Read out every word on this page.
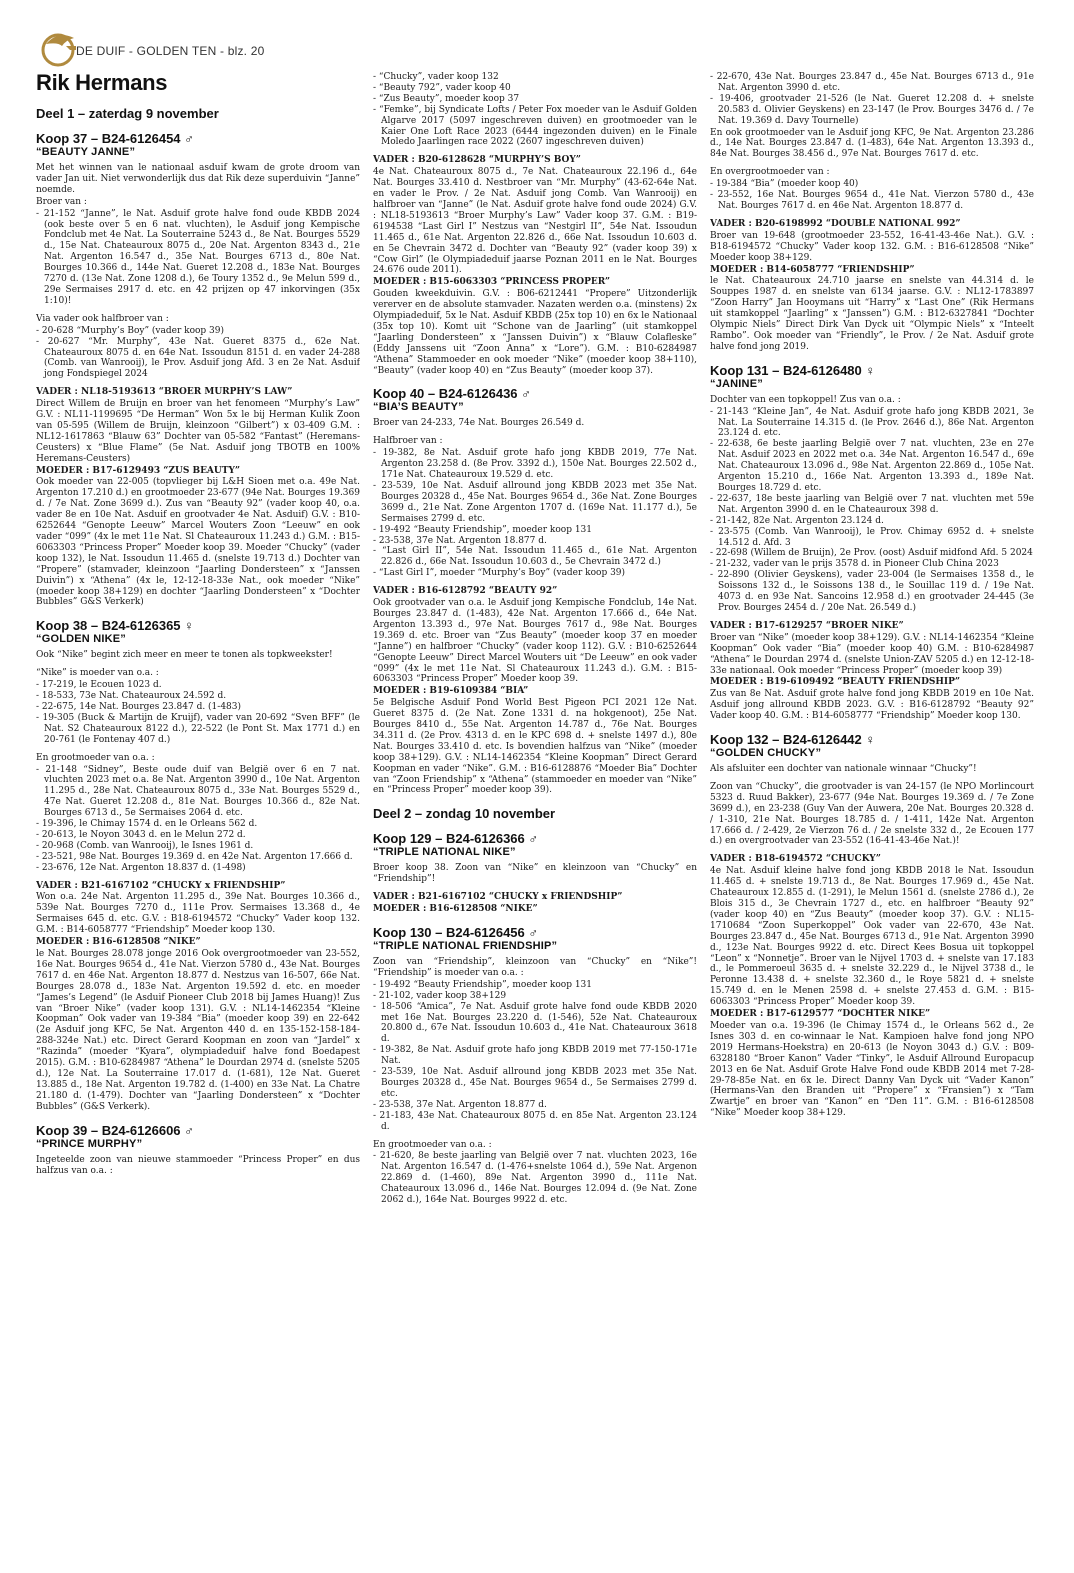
DE DUIF - GOLDEN TEN - blz. 20
Rik Hermans
Deel 1 – zaterdag 9 november
Koop 37 – B24-6126454 ♂
“BEAUTY JANNE”

Met het winnen van le nationaal asduif kwam de grote droom van vader Jan uit. Niet verwonderlijk dus dat Rik deze superduivin “Janne” noemde.

Broer van :

- 21-152 “Janne”, le Nat. Asduif grote halve fond oude KBDB 2024 (ook beste over 5 en 6 nat. vluchten), le Asduif jong Kempische Fondclub met 4e Nat. La Souterraine 5243 d., 8e Nat. Bourges 5529 d., 15e Nat. Chateauroux 8075 d., 20e Nat. Argenton 8343 d., 21e Nat. Argenton 16.547 d., 35e Nat. Bourges 6713 d., 80e Nat. Bourges 10.366 d., 144e Nat. Gueret 12.208 d., 183e Nat. Bourges 7270 d. (13e Nat. Zone 1208 d.), 6e Toury 1352 d., 9e Melun 599 d., 29e Sermaises 2917 d. etc. en 42 prijzen op 47 inkorvingen (35x 1:10)!

Via vader ook halfbroer van :

- 20-628 “Murphy’s Boy” (vader koop 39)
- 20-627 “Mr. Murphy”, 43e Nat. Gueret 8375 d., 62e Nat. Chateauroux 8075 d. en 64e Nat. Issoudun 8151 d. en vader 24-288 (Comb. van Wanrooij), le Prov. Asduif jong Afd. 3 en 2e Nat. Asduif jong Fondspiegel 2024

VADER : NL18-5193613 “BROER MURPHY’S LAW”

Direct Willem de Bruijn en broer van het fenomeen “Murphy’s Law” G.V. : NL11-1199695 “De Herman” Won 5x le bij Herman Kulik Zoon van 05-595 (Willem de Bruijn, kleinzoon “Gilbert”) x 03-409 G.M. : NL12-1617863 “Blauw 63” Dochter van 05-582 “Fantast” (Heremans-Ceusters) x “Blue Flame” (5e Nat. Asduif jong TBOTB en 100% Heremans-Ceusters)

MOEDER : B17-6129493 “ZUS BEAUTY”

Ook moeder van 22-005 (topvlieger bij L&H Sioen met o.a. 49e Nat. Argenton 17.210 d.) en grootmoeder 23-677 (94e Nat. Bourges 19.369 d. / 7e Nat. Zone 3699 d.). Zus van “Beauty 92” (vader koop 40, o.a. vader 8e en 10e Nat. Asduif en grootvader 4e Nat. Asduif) G.V. : B10-6252644 “Genopte Leeuw” Marcel Wouters Zoon “Leeuw” en ook vader “099” (4x le met 11e Nat. Sl Chateauroux 11.243 d.) G.M. : B15-6063303 “Princess Proper” Moeder koop 39. Moeder “Chucky” (vader koop 132), le Nat. Issoudun 11.465 d. (snelste 19.713 d.) Dochter van “Propere” (stamvader, kleinzoon “Jaarling Dondersteen” x “Janssen Duivin”) x “Athena” (4x le, 12-12-18-33e Nat., ook moeder “Nike” (moeder koop 38+129) en dochter “Jaarling Dondersteen” x “Dochter Bubbles” G&S Verkerk)

Koop 38 – B24-6126365 ♀
“GOLDEN NIKE”

Ook “Nike” begint zich meer en meer te tonen als topkweekster!

“Nike” is moeder van o.a. :

- 17-219, le Ecouen 1023 d.
- 18-533, 73e Nat. Chateauroux 24.592 d.
- 22-675, 14e Nat. Bourges 23.847 d. (1-483)
- 19-305 (Buck & Martijn de Kruijf), vader van 20-692 “Sven BFF” (le Nat. S2 Chateauroux 8122 d.), 22-522 (le Pont St. Max 1771 d.) en 20-761 (le Fontenay 407 d.)

En grootmoeder van o.a. :

- 21-148 “Sidney”, Beste oude duif van België over 6 en 7 nat. vluchten 2023 met o.a. 8e Nat. Argenton 3990 d., 10e Nat. Argenton 11.295 d., 28e Nat. Chateauroux 8075 d., 33e Nat. Bourges 5529 d., 47e Nat. Gueret 12.208 d., 81e Nat. Bourges 10.366 d., 82e Nat. Bourges 6713 d., 5e Sermaises 2064 d. etc.
- 19-396, le Chimay 1574 d. en le Orleans 562 d.
- 20-613, le Noyon 3043 d. en le Melun 272 d.
- 20-968 (Comb. van Wanrooij), le Isnes 1961 d.
- 23-521, 98e Nat. Bourges 19.369 d. en 42e Nat. Argenton 17.666 d.
- 23-676, 12e Nat. Argenton 18.837 d. (1-498)

VADER : B21-6167102 “CHUCKY x FRIENDSHIP”

Won o.a. 24e Nat. Argenton 11.295 d., 39e Nat. Bourges 10.366 d., 539e Nat. Bourges 7270 d., 111e Prov. Sermaises 13.368 d., 4e Sermaises 645 d. etc. G.V. : B18-6194572 “Chucky” Vader koop 132. G.M. : B14-6058777 “Friendship” Moeder koop 130.

MOEDER : B16-6128508 “NIKE”

le Nat. Bourges 28.078 jonge 2016 Ook overgrootmoeder van 23-552, 16e Nat. Bourges 9654 d., 41e Nat. Vierzon 5780 d., 43e Nat. Bourges 7617 d. en 46e Nat. Argenton 18.877 d. Nestzus van 16-507, 66e Nat. Bourges 28.078 d., 183e Nat. Argenton 19.592 d. etc. en moeder “James’s Legend” (le Asduif Pioneer Club 2018 bij James Huang)! Zus van “Broer Nike” (vader koop 131). G.V. : NL14-1462354 “Kleine Koopman” Ook vader van 19-384 “Bia” (moeder koop 39) en 22-642 (2e Asduif jong KFC, 5e Nat. Argenton 440 d. en 135-152-158-184-288-324e Nat.) etc. Direct Gerard Koopman en zoon van “Jardel” x “Razinda” (moeder “Kyara”, olympiadeduif halve fond Boedapest 2015). G.M. : B10-6284987 “Athena” le Dourdan 2974 d. (snelste 5205 d.), 12e Nat. La Souterraine 17.017 d. (1-681), 12e Nat. Gueret 13.885 d., 18e Nat. Argenton 19.782 d. (1-400) en 33e Nat. La Chatre 21.180 d. (1-479). Dochter van “Jaarling Dondersteen” x “Dochter Bubbles” (G&S Verkerk).

Koop 39 – B24-6126606 ♂
“PRINCE MURPHY”

Ingeteelde zoon van nieuwe stammoeder “Princess Proper” en dus halfzus van o.a. :

- “Chucky”, vader koop 132
- “Beauty 792”, vader koop 40
- “Zus Beauty”, moeder koop 37
- “Femke”, bij Syndicate Lofts / Peter Fox moeder van le Asduif Golden Algarve 2017 (5097 ingeschreven duiven) en grootmoeder van le Kaier One Loft Race 2023 (6444 ingezonden duiven) en le Finale Moledo Jaarlingen race 2022 (2607 ingeschreven duiven)

VADER : B20-6128628 “MURPHY’S BOY”

4e Nat. Chateauroux 8075 d., 7e Nat. Chateauroux 22.196 d., 64e Nat. Bourges 33.410 d. Nestbroer van “Mr. Murphy” (43-62-64e Nat. en vader le Prov. / 2e Nat. Asduif jong Comb. Van Wanrooij) en halfbroer van “Janne” (le Nat. Asduif grote halve fond oude 2024) G.V. : NL18-5193613 “Broer Murphy’s Law” Vader koop 37. G.M. : B19-6194538 “Last Girl I” Nestzus van “Nestgirl II”, 54e Nat. Issoudun 11.465 d., 61e Nat. Argenton 22.826 d., 66e Nat. Issoudun 10.603 d. en 5e Chevrain 3472 d. Dochter van “Beauty 92” (vader koop 39) x “Cow Girl” (le Olympiadeduif jaarse Poznan 2011 en le Nat. Bourges 24.676 oude 2011).

MOEDER : B15-6063303 “PRINCESS PROPER”

Gouden kweekduivin. G.V. : B06-6212441 “Propere” Uitzonderlijk vererver en de absolute stamvader. Nazaten werden o.a. (minstens) 2x Olympiadeduif, 5x le Nat. Asduif KBDB (25x top 10) en 6x le Nationaal (35x top 10). Komt uit “Schone van de Jaarling” (uit stamkoppel “Jaarling Dondersteen” x “Janssen Duivin”) x “Blauw Colafleske” (Eddy Janssens uit “Zoon Anna” x “Lore”). G.M. : B10-6284987 “Athena” Stammoeder en ook moeder “Nike” (moeder koop 38+110), “Beauty” (vader koop 40) en “Zus Beauty” (moeder koop 37).

Koop 40 – B24-6126436 ♂
“BIA’S BEAUTY”

Broer van 24-233, 74e Nat. Bourges 26.549 d.

Halfbroer van :

- 19-382, 8e Nat. Asduif grote hafo jong KBDB 2019, 77e Nat. Argenton 23.258 d. (8e Prov. 3392 d.), 150e Nat. Bourges 22.502 d., 171e Nat. Chateauroux 19.529 d. etc.
- 23-539, 10e Nat. Asduif allround jong KBDB 2023 met 35e Nat. Bourges 20328 d., 45e Nat. Bourges 9654 d., 36e Nat. Zone Bourges 3699 d., 21e Nat. Zone Argenton 1707 d. (169e Nat. 11.177 d.), 5e Sermaises 2799 d. etc.
- 19-492 “Beauty Friendship”, moeder koop 131
- 23-538, 37e Nat. Argenton 18.877 d.
- “Last Girl II”, 54e Nat. Issoudun 11.465 d., 61e Nat. Argenton 22.826 d., 66e Nat. Issoudun 10.603 d., 5e Chevrain 3472 d.)
- “Last Girl I”, moeder “Murphy’s Boy” (vader koop 39)

VADER : B16-6128792 “BEAUTY 92”

Ook grootvader van o.a. le Asduif jong Kempische Fondclub, 14e Nat. Bourges 23.847 d. (1-483), 42e Nat. Argenton 17.666 d., 64e Nat. Argenton 13.393 d., 97e Nat. Bourges 7617 d., 98e Nat. Bourges 19.369 d. etc. Broer van “Zus Beauty” (moeder koop 37 en moeder “Janne”) en halfbroer “Chucky” (vader koop 112). G.V. : B10-6252644 “Genopte Leeuw” Direct Marcel Wouters uit “De Leeuw” en ook vader “099” (4x le met 11e Nat. Sl Chateauroux 11.243 d.). G.M. : B15-6063303 “Princess Proper” Moeder koop 39.

MOEDER : B19-6109384 “BIA”

5e Belgische Asduif Pond World Best Pigeon PCI 2021 12e Nat. Gueret 8375 d. (2e Nat. Zone 1331 d. na hokgenoot), 25e Nat. Bourges 8410 d., 55e Nat. Argenton 14.787 d., 76e Nat. Bourges 34.311 d. (2e Prov. 4313 d. en le KPC 698 d. + snelste 1497 d.), 80e Nat. Bourges 33.410 d. etc. Is bovendien halfzus van “Nike” (moeder koop 38+129). G.V. : NL14-1462354 “Kleine Koopman” Direct Gerard Koopman en vader “Nike”. G.M. : B16-6128876 “Moeder Bia” Dochter van “Zoon Friendship” x “Athena” (stammoeder en moeder van “Nike” en “Princess Proper” moeder koop 39).

Deel 2 – zondag 10 november
Koop 129 – B24-6126366 ♂
“TRIPLE NATIONAL NIKE”

Broer koop 38. Zoon van “Nike” en kleinzoon van “Chucky” en “Friendship”!

VADER : B21-6167102 “CHUCKY x FRIENDSHIP”

MOEDER : B16-6128508 “NIKE”

Koop 130 – B24-6126456 ♂
“TRIPLE NATIONAL FRIENDSHIP”

Zoon van “Friendship”, kleinzoon van “Chucky” en “Nike”! “Friendship” is moeder van o.a. :

- 19-492 “Beauty Friendship”, moeder koop 131
- 21-102, vader koop 38+129
- 18-506 “Amica”, 7e Nat. Asduif grote halve fond oude KBDB 2020 met 16e Nat. Bourges 23.220 d. (1-546), 52e Nat. Chateauroux 20.800 d., 67e Nat. Issoudun 10.603 d., 41e Nat. Chateauroux 3618 d.
- 19-382, 8e Nat. Asduif grote hafo jong KBDB 2019 met 77-150-171e Nat.
- 23-539, 10e Nat. Asduif allround jong KBDB 2023 met 35e Nat. Bourges 20328 d., 45e Nat. Bourges 9654 d., 5e Sermaises 2799 d. etc.
- 23-538, 37e Nat. Argenton 18.877 d.
- 21-183, 43e Nat. Chateauroux 8075 d. en 85e Nat. Argenton 23.124 d.

En grootmoeder van o.a. :

- 21-620, 8e beste jaarling van België over 7 nat. vluchten 2023, 16e Nat. Argenton 16.547 d. (1-476+snelste 1064 d.), 59e Nat. Argenon 22.869 d. (1-460), 89e Nat. Argenton 3990 d., 111e Nat. Chateauroux 13.096 d., 146e Nat. Bourges 12.094 d. (9e Nat. Zone 2062 d.), 164e Nat. Bourges 9922 d. etc.
- 22-670, 43e Nat. Bourges 23.847 d., 45e Nat. Bourges 6713 d., 91e Nat. Argenton 3990 d. etc.
- 19-406, grootvader 21-526 (le Nat. Gueret 12.208 d. + snelste 20.583 d. Olivier Geyskens) en 23-147 (le Prov. Bourges 3476 d. / 7e Nat. 19.369 d. Davy Tournelle)

En ook grootmoeder van le Asduif jong KFC, 9e Nat. Argenton 23.286 d., 14e Nat. Bourges 23.847 d. (1-483), 64e Nat. Argenton 13.393 d., 84e Nat. Bourges 38.456 d., 97e Nat. Bourges 7617 d. etc.

En overgrootmoeder van :

- 19-384 “Bia” (moeder koop 40)
- 23-552, 16e Nat. Bourges 9654 d., 41e Nat. Vierzon 5780 d., 43e Nat. Bourges 7617 d. en 46e Nat. Argenton 18.877 d.

VADER : B20-6198992 “DOUBLE NATIONAL 992”

Broer van 19-648 (grootmoeder 23-552, 16-41-43-46e Nat.). G.V. : B18-6194572 “Chucky” Vader koop 132. G.M. : B16-6128508 “Nike” Moeder koop 38+129.

MOEDER : B14-6058777 “FRIENDSHIP”

le Nat. Chateauroux 24.710 jaarse en snelste van 44.314 d. le Souppes 1987 d. en snelste van 6134 jaarse. G.V. : NL12-1783897 “Zoon Harry” Jan Hooymans uit “Harry” x “Last One” (Rik Hermans uit stamkoppel “Jaarling” x “Janssen”) G.M. : B12-6327841 “Dochter Olympic Niels” Direct Dirk Van Dyck uit “Olympic Niels” x “Inteelt Rambo”. Ook moeder van “Friendly”, le Prov. / 2e Nat. Asduif grote halve fond jong 2019.

Koop 131 – B24-6126480 ♀
“JANINE”

Dochter van een topkoppel! Zus van o.a. :

- 21-143 “Kleine Jan”, 4e Nat. Asduif grote hafo jong KBDB 2021, 3e Nat. La Souterraine 14.315 d. (le Prov. 2646 d.), 86e Nat. Argenton 23.124 d. etc.
- 22-638, 6e beste jaarling België over 7 nat. vluchten, 23e en 27e Nat. Asduif 2023 en 2022 met o.a. 34e Nat. Argenton 16.547 d., 69e Nat. Chateauroux 13.096 d., 98e Nat. Argenton 22.869 d., 105e Nat. Argenton 15.210 d., 166e Nat. Argenton 13.393 d., 189e Nat. Bourges 18.729 d. etc.
- 22-637, 18e beste jaarling van België over 7 nat. vluchten met 59e Nat. Argenton 3990 d. en le Chateauroux 398 d.
- 21-142, 82e Nat. Argenton 23.124 d.
- 23-575 (Comb. Van Wanrooij), le Prov. Chimay 6952 d. + snelste 14.512 d. Afd. 3
- 22-698 (Willem de Bruijn), 2e Prov. (oost) Asduif midfond Afd. 5 2024
- 21-232, vader van le prijs 3578 d. in Pioneer Club China 2023
- 22-890 (Olivier Geyskens), vader 23-004 (le Sermaises 1358 d., le Soissons 132 d., le Soissons 138 d., le Souillac 119 d. / 19e Nat. 4073 d. en 93e Nat. Sancoins 12.958 d.) en grootvader 24-445 (3e Prov. Bourges 2454 d. / 20e Nat. 26.549 d.)

VADER : B17-6129257 “BROER NIKE”

Broer van “Nike” (moeder koop 38+129). G.V. : NL14-1462354 “Kleine Koopman” Ook vader “Bia” (moeder koop 40) G.M. : B10-6284987 “Athena” le Dourdan 2974 d. (snelste Union-ZAV 5205 d.) en 12-12-18-33e nationaal. Ook moeder “Princess Proper” (moeder koop 39)

MOEDER : B19-6109492 “BEAUTY FRIENDSHIP”

Zus van 8e Nat. Asduif grote halve fond jong KBDB 2019 en 10e Nat. Asduif jong allround KBDB 2023. G.V. : B16-6128792 “Beauty 92” Vader koop 40. G.M. : B14-6058777 “Friendship” Moeder koop 130.

Koop 132 – B24-6126442 ♀
“GOLDEN CHUCKY”

Als afsluiter een dochter van nationale winnaar “Chucky”!

Zoon van “Chucky”, die grootvader is van 24-157 (le NPO Morlincourt 5323 d. Ruud Bakker), 23-677 (94e Nat. Bourges 19.369 d. / 7e Zone 3699 d.), en 23-238 (Guy Van der Auwera, 20e Nat. Bourges 20.328 d. / 1-310, 21e Nat. Bourges 18.785 d. / 1-411, 142e Nat. Argenton 17.666 d. / 2-429, 2e Vierzon 76 d. / 2e snelste 332 d., 2e Ecouen 177 d.) en overgrootvader van 23-552 (16-41-43-46e Nat.)!

VADER : B18-6194572 “CHUCKY”

4e Nat. Asduif kleine halve fond jong KBDB 2018 le Nat. Issoudun 11.465 d. + snelste 19.713 d., 8e Nat. Bourges 17.969 d., 45e Nat. Chateauroux 12.855 d. (1-291), le Melun 1561 d. (snelste 2786 d.), 2e Blois 315 d., 3e Chevrain 1727 d., etc. en halfbroer “Beauty 92” (vader koop 40) en “Zus Beauty” (moeder koop 37). G.V. : NL15-1710684 “Zoon Superkoppel” Ook vader van 22-670, 43e Nat. Bourges 23.847 d., 45e Nat. Bourges 6713 d., 91e Nat. Argenton 3990 d., 123e Nat. Bourges 9922 d. etc. Direct Kees Bosua uit topkoppel “Leon” x “Nonnetje”. Broer van le Nijvel 1703 d. + snelste van 17.183 d., le Pommeroeul 3635 d. + snelste 32.229 d., le Nijvel 3738 d., le Peronne 13.438 d. + snelste 32.360 d., le Roye 5821 d. + snelste 15.749 d. en le Menen 2598 d. + snelste 27.453 d. G.M. : B15-6063303 “Princess Proper” Moeder koop 39.

MOEDER : B17-6129577 “DOCHTER NIKE”

Moeder van o.a. 19-396 (le Chimay 1574 d., le Orleans 562 d., 2e Isnes 303 d. en co-winnaar le Nat. Kampioen halve fond jong NPO 2019 Hermans-Hoekstra) en 20-613 (le Noyon 3043 d.) G.V. : B09-6328180 “Broer Kanon” Vader “Tinky”, le Asduif Allround Europacup 2013 en 6e Nat. Asduif Grote Halve Fond oude KBDB 2014 met 7-28-29-78-85e Nat. en 6x le. Direct Danny Van Dyck uit “Vader Kanon” (Hermans-Van den Branden uit “Propere” x “Fransien”) x “Tam Zwartje” en broer van “Kanon” en “Den 11”. G.M. : B16-6128508 “Nike” Moeder koop 38+129.
